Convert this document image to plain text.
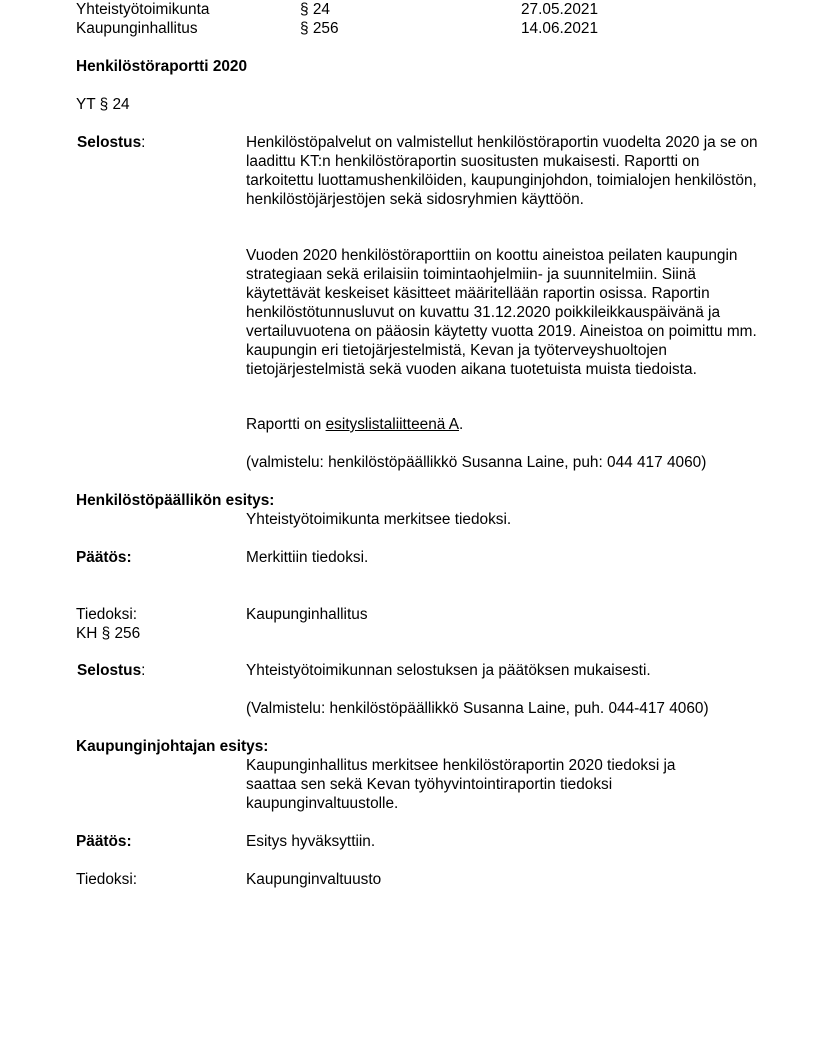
Yhteistyötoimikunta	§ 24	27.05.2021
Kaupunginhallitus	§ 256	14.06.2021
Henkilöstöraportti 2020
YT § 24
Selostus:	Henkilöstöpalvelut on valmistellut henkilöstöraportin vuodelta 2020 ja se on laadittu KT:n henkilöstöraportin suositusten mukaisesti. Raportti on tarkoitettu luottamushenkilöiden, kaupunginjohdon, toimialojen henkilöstön, henkilöstöjärjestöjen sekä sidosryhmien käyttöön.
Vuoden 2020 henkilöstöraporttiin on koottu aineistoa peilaten kaupungin strategiaan sekä erilaisiin toimintaohjelmiin- ja suunnitelmiin. Siinä käytettävät keskeiset käsitteet määritellään raportin osissa. Raportin henkilöstötunnusluvut on kuvattu 31.12.2020 poikkileikkauspäivänä ja vertailuvuotena on pääosin käytetty vuotta 2019. Aineistoa on poimittu mm. kaupungin eri tietojärjestelmistä, Kevan ja työterveyshuoltojen tietojärjestelmistä sekä vuoden aikana tuotetuista muista tiedoista.
Raportti on esityslistaliitteenä A.
(valmistelu: henkilöstöpäällikkö Susanna Laine, puh: 044 417 4060)
Henkilöstöpäällikön esitys:
Yhteistyötoimikunta merkitsee tiedoksi.
Päätös:	Merkittiin tiedoksi.
Tiedoksi:	Kaupunginhallitus
KH § 256
Selostus:	Yhteistyötoimikunnan selostuksen ja päätöksen mukaisesti.
(Valmistelu: henkilöstöpäällikkö Susanna Laine, puh. 044-417 4060)
Kaupunginjohtajan esitys:
Kaupunginhallitus merkitsee henkilöstöraportin 2020 tiedoksi ja saattaa sen sekä Kevan työhyvintointiraportin tiedoksi kaupunginvaltuustolle.
Päätös:	Esitys hyväksyttiin.
Tiedoksi:	Kaupunginvaltuusto
